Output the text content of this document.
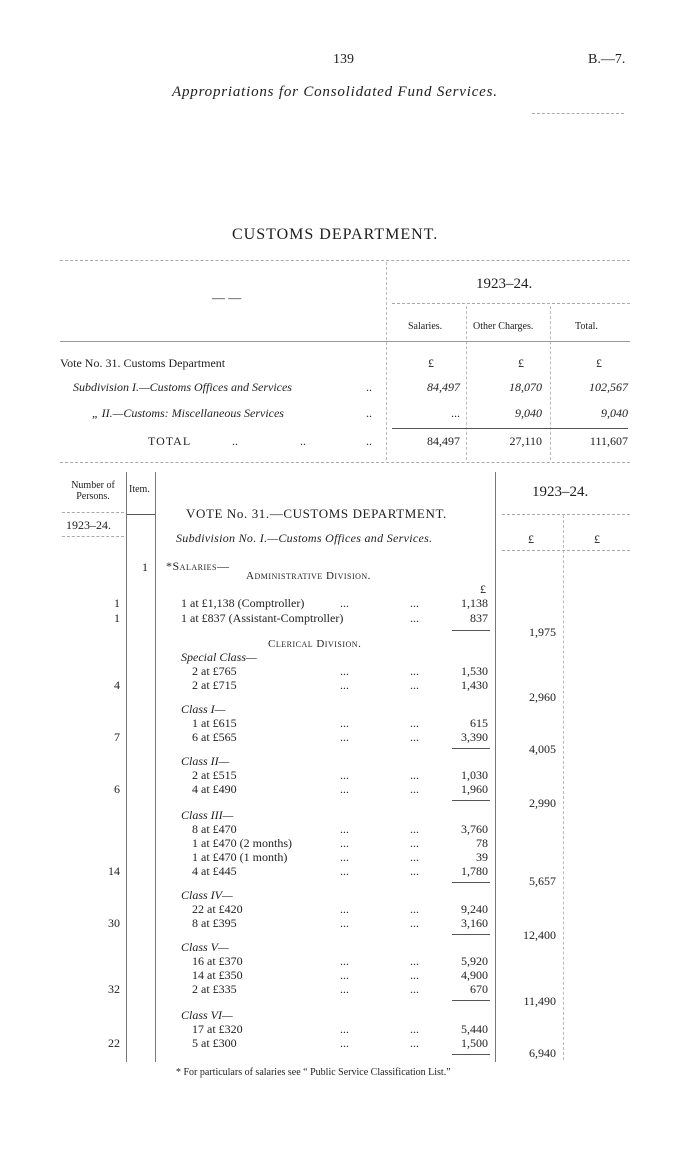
139	B.—7.
Appropriations for Consolidated Fund Services.
CUSTOMS DEPARTMENT.
— —
1923–24.
Salaries.	Other Charges.	Total.
£	£	£
Vote No. 31. Customs Department
Subdivision I.—Customs Offices and Services	..	84,497	18,070	102,567
„ II.—Customs: Miscellaneous Services	..	...	9,040	9,040
TOTAL	..	..	..	84,497	27,110	111,607
Number of Persons.
Item.
1923–24.
1923–24.
£	£
VOTE No. 31.—CUSTOMS DEPARTMENT.
Subdivision No. I.—Customs Offices and Services.
1 *Salaries—
Administrative Division.
£
1	1 at £1,138 (Comptroller)	...	...	1,138
1	1 at £837 (Assistant-Comptroller)	...	837
1,975
Clerical Division.
Special Class—
2 at £765	...	...	1,530
4	2 at £715	...	...	1,430
2,960
Class I—
1 at £615	...	...	615
7	6 at £565	...	...	3,390
4,005
Class II—
2 at £515	...	...	1,030
6	4 at £490	...	...	1,960
2,990
Class III—
8 at £470	...	...	3,760
1 at £470 (2 months)	...	...	78
1 at £470 (1 month)	...	...	39
14	4 at £445	...	...	1,780
5,657
Class IV—
22 at £420	...	...	9,240
30	8 at £395	...	...	3,160
12,400
Class V—
16 at £370	...	...	5,920
14 at £350	...	...	4,900
32	2 at £335	...	...	670
11,490
Class VI—
17 at £320	...	...	5,440
22	5 at £300	...	...	1,500
6,940
* For particulars of salaries see “ Public Service Classification List.”
